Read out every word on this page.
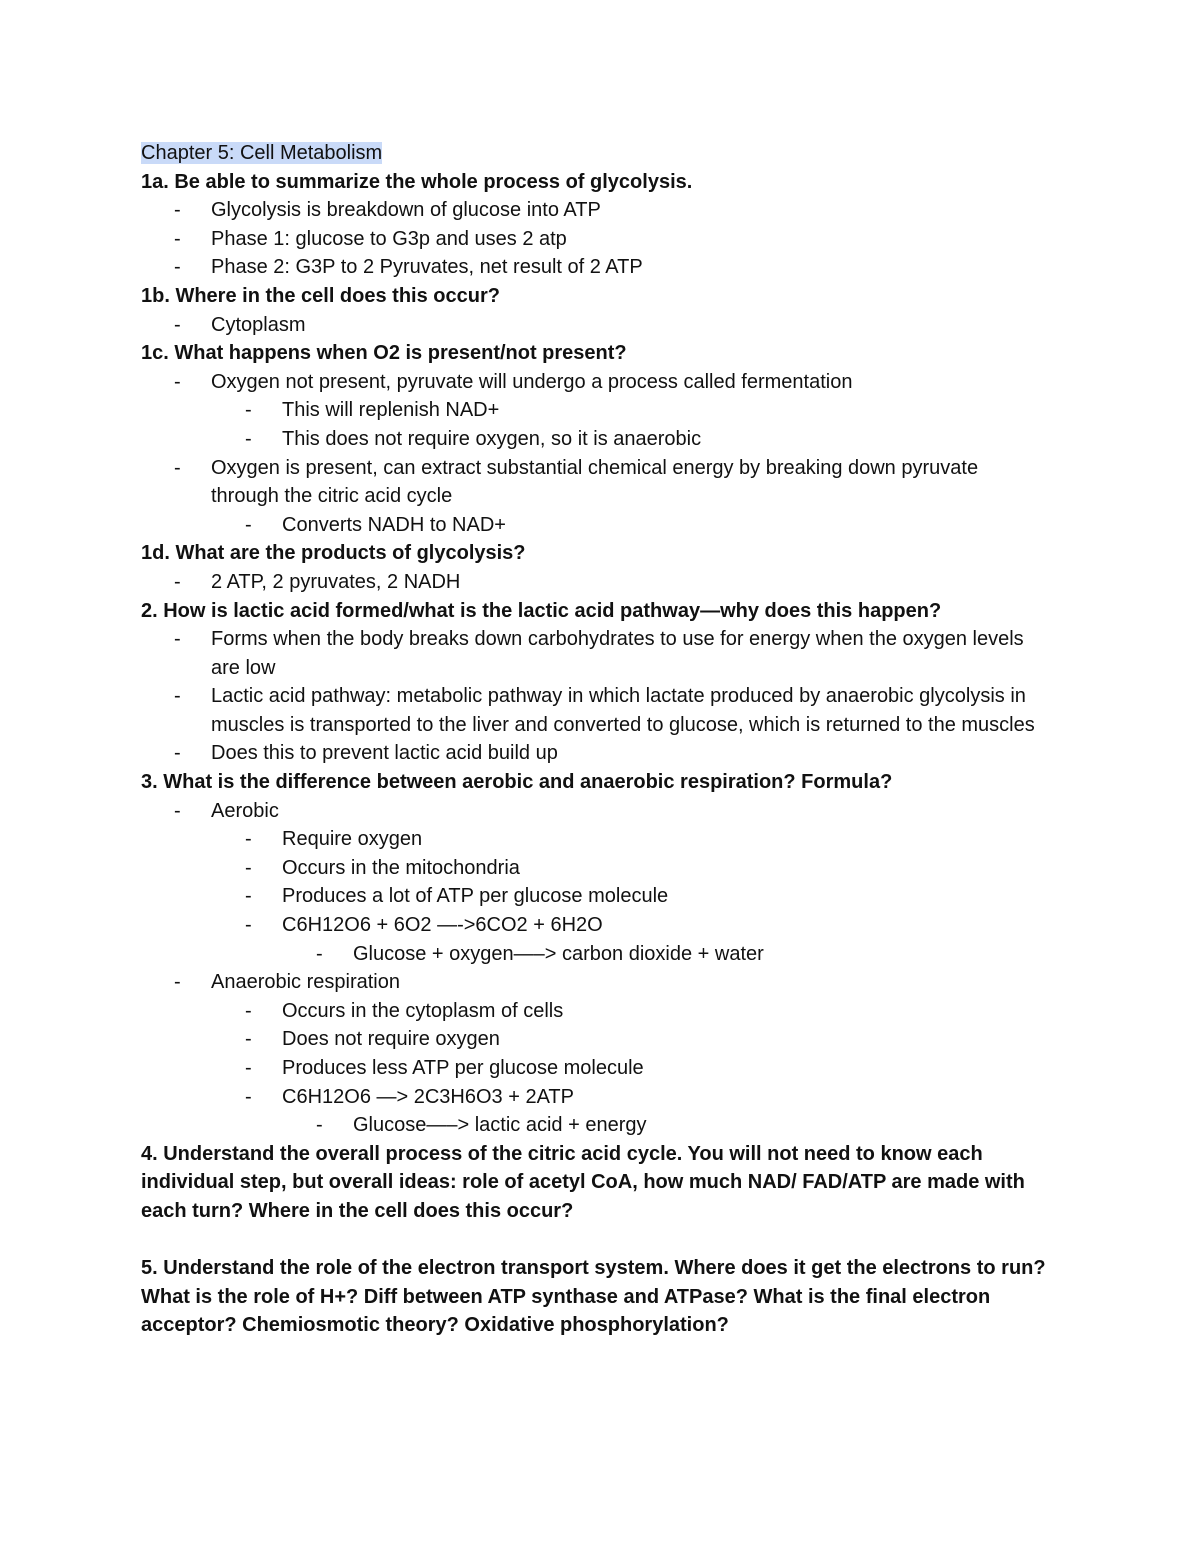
Chapter 5: Cell Metabolism
1a. Be able to summarize the whole process of glycolysis.
- Glycolysis is breakdown of glucose into ATP
- Phase 1: glucose to G3p and uses 2 atp
- Phase 2: G3P to 2 Pyruvates, net result of 2 ATP
1b. Where in the cell does this occur?
- Cytoplasm
1c. What happens when O2 is present/not present?
- Oxygen not present, pyruvate will undergo a process called fermentation
- This will replenish NAD+
- This does not require oxygen, so it is anaerobic
- Oxygen is present, can extract substantial chemical energy by breaking down pyruvate through the citric acid cycle
- Converts NADH to NAD+
1d. What are the products of glycolysis?
- 2 ATP, 2 pyruvates, 2 NADH
2. How is lactic acid formed/what is the lactic acid pathway—why does this happen?
- Forms when the body breaks down carbohydrates to use for energy when the oxygen levels are low
- Lactic acid pathway: metabolic pathway in which lactate produced by anaerobic glycolysis in muscles is transported to the liver and converted to glucose, which is returned to the muscles
- Does this to prevent lactic acid build up
3. What is the difference between aerobic and anaerobic respiration? Formula?
- Aerobic
- Require oxygen
- Occurs in the mitochondria
- Produces a lot of ATP per glucose molecule
- C6H12O6 + 6O2 —->6CO2 + 6H2O
- Glucose + oxygen—–> carbon dioxide + water
- Anaerobic respiration
- Occurs in the cytoplasm of cells
- Does not require oxygen
- Produces less ATP per glucose molecule
- C6H12O6 —> 2C3H6O3 + 2ATP
- Glucose—–> lactic acid + energy
4. Understand the overall process of the citric acid cycle. You will not need to know each individual step, but overall ideas: role of acetyl CoA, how much NAD/ FAD/ATP are made with each turn? Where in the cell does this occur?
5. Understand the role of the electron transport system. Where does it get the electrons to run? What is the role of H+? Diff between ATP synthase and ATPase? What is the final electron acceptor? Chemiosmotic theory? Oxidative phosphorylation?
